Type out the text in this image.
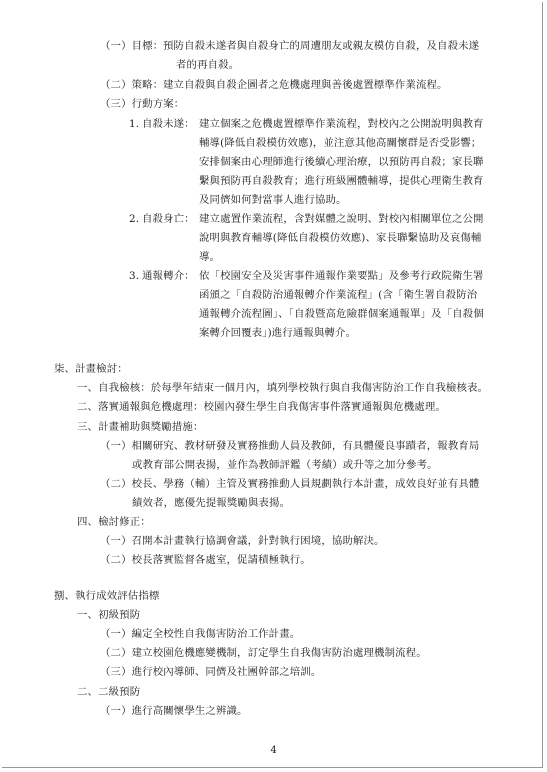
（一）目標： 預防自殺未遂者與自殺身亡的周遭朋友或親友模仿自殺，及自殺未遂
者的再自殺。
（二）策略： 建立自殺與自殺企圖者之危機處理與善後處置標準作業流程。
（三）行動方案：
1. 自殺未遂： 建立個案之危機處置標準作業流程，對校內之公開說明與教育
輔導(降低自殺模仿效應)，並注意其他高關懷群是否受影響；
安排個案由心理師進行後續心理治療，以預防再自殺；家長聯
繫與預防再自殺教育；進行班級團體輔導，提供心理衛生教育
及同儕如何對當事人進行協助。
2. 自殺身亡： 建立處置作業流程，含對媒體之說明、對校內相關單位之公開
說明與教育輔導(降低自殺模仿效應)、家長聯繫協助及哀傷輔
導。
3. 通報轉介： 依「校園安全及災害事件通報作業要點」及參考行政院衛生署
函頒之「自殺防治通報轉介作業流程」(含「衛生署自殺防治
通報轉介流程圖」、「自殺暨高危險群個案通報單」及「自殺個
案轉介回覆表」)進行通報與轉介。
柒、計畫檢討：
一、自我檢核：於每學年結束一個月內，填列學校執行與自我傷害防治工作自我檢核表。
二、落實通報與危機處理：校園內發生學生自我傷害事件落實通報與危機處理。
三、計畫補助與獎勵措施：
（一）相關研究、教材研發及實務推動人員及教師，有具體優良事蹟者，報教育局
或教育部公開表揚，並作為教師評鑑（考績）或升等之加分參考。
（二）校長、學務（輔）主管及實務推動人員規劃執行本計畫，成效良好並有具體
績效者，應優先提報獎勵與表揚。
四、檢討修正：
（一）召開本計畫執行協調會議，針對執行困境，協助解決。
（二）校長落實監督各處室，促請積極執行。
捌、執行成效評估指標
一、初級預防
（一）編定全校性自我傷害防治工作計畫。
（二）建立校園危機應變機制，訂定學生自我傷害防治處理機制流程。
（三）進行校內導師、同儕及社團幹部之培訓。
二、二級預防
（一）進行高關懷學生之辨識。
4
